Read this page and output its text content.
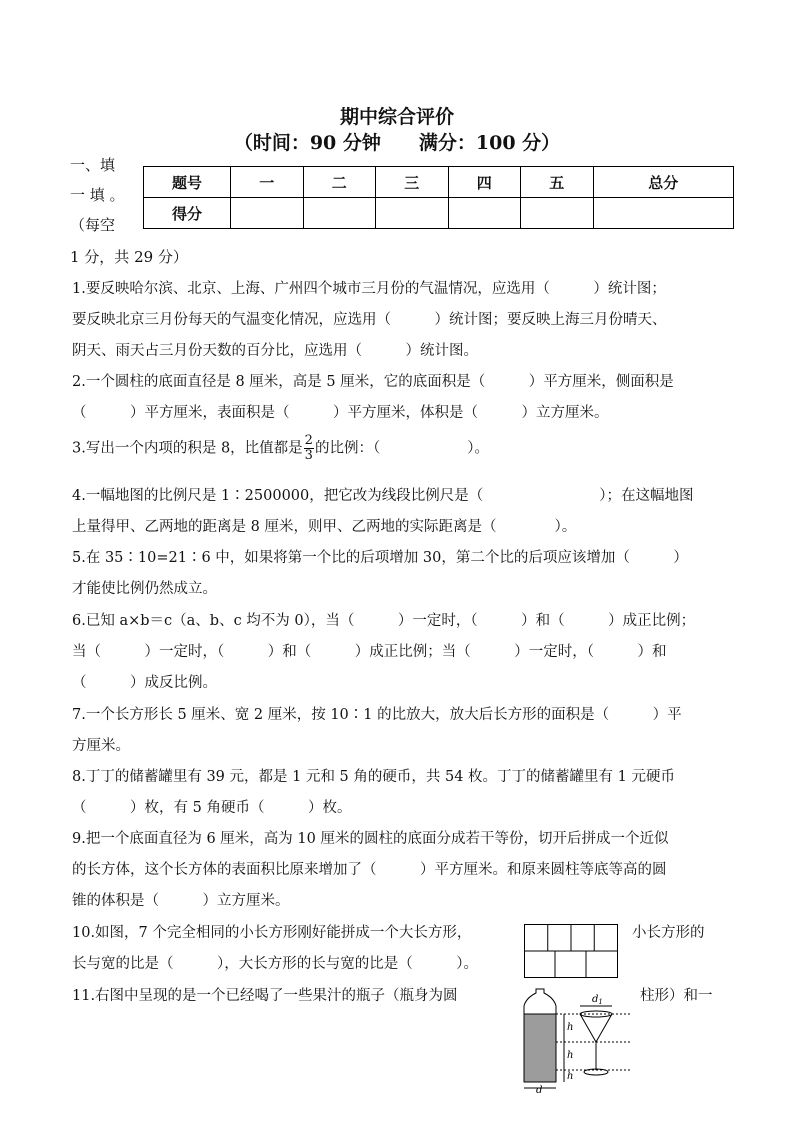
期中综合评价
（时间：90 分钟　　满分：100 分）
一、填
一 填 。
（每空
1 分，共 29 分）
题号	一	二	三	四	五	总分
得分						
1.要反映哈尔滨、北京、上海、广州四个城市三月份的气温情况，应选用（　　　）统计图；
要反映北京三月份每天的气温变化情况，应选用（　　　）统计图；要反映上海三月份晴天、
阴天、雨天占三月份天数的百分比，应选用（　　　）统计图。
2.一个圆柱的底面直径是 8 厘米，高是 5 厘米，它的底面积是（　　　）平方厘米，侧面积是
（　　　）平方厘米，表面积是（　　　）平方厘米，体积是（　　　）立方厘米。
3.写出一个内项的积是 8，比值都是 $\frac{2}{3}$ 的比例：（　　　　　　）。
4.一幅地图的比例尺是 1∶2500000，把它改为线段比例尺是（　　　　　　　　）；在这幅地图
上量得甲、乙两地的距离是 8 厘米，则甲、乙两地的实际距离是（　　　　）。
5.在 35∶10=21∶6 中，如果将第一个比的后项增加 30，第二个比的后项应该增加（　　　）
才能使比例仍然成立。
6.已知 a×b＝c（a、b、c 均不为 0），当（　　　）一定时，（　　　）和（　　　）成正比例；
当（　　　）一定时，（　　　）和（　　　）成正比例；当（　　　）一定时，（　　　）和
（　　　）成反比例。
7.一个长方形长 5 厘米、宽 2 厘米，按 10∶1 的比放大，放大后长方形的面积是（　　　）平
方厘米。
8.丁丁的储蓄罐里有 39 元，都是 1 元和 5 角的硬币，共 54 枚。丁丁的储蓄罐里有 1 元硬币
（　　　）枚，有 5 角硬币（　　　）枚。
9.把一个底面直径为 6 厘米，高为 10 厘米的圆柱的底面分成若干等份，切开后拼成一个近似
的长方体，这个长方体的表面积比原来增加了（　　　）平方厘米。和原来圆柱等底等高的圆
锥的体积是（　　　）立方厘米。
10.如图，7 个完全相同的小长方形刚好能拼成一个大长方形，	小长方形的
长与宽的比是（　　　），大长方形的长与宽的比是（　　　）。
11.右图中呈现的是一个已经喝了一些果汁的瓶子（瓶身为圆	柱形）和一
$d_1$
h
h
h
d
